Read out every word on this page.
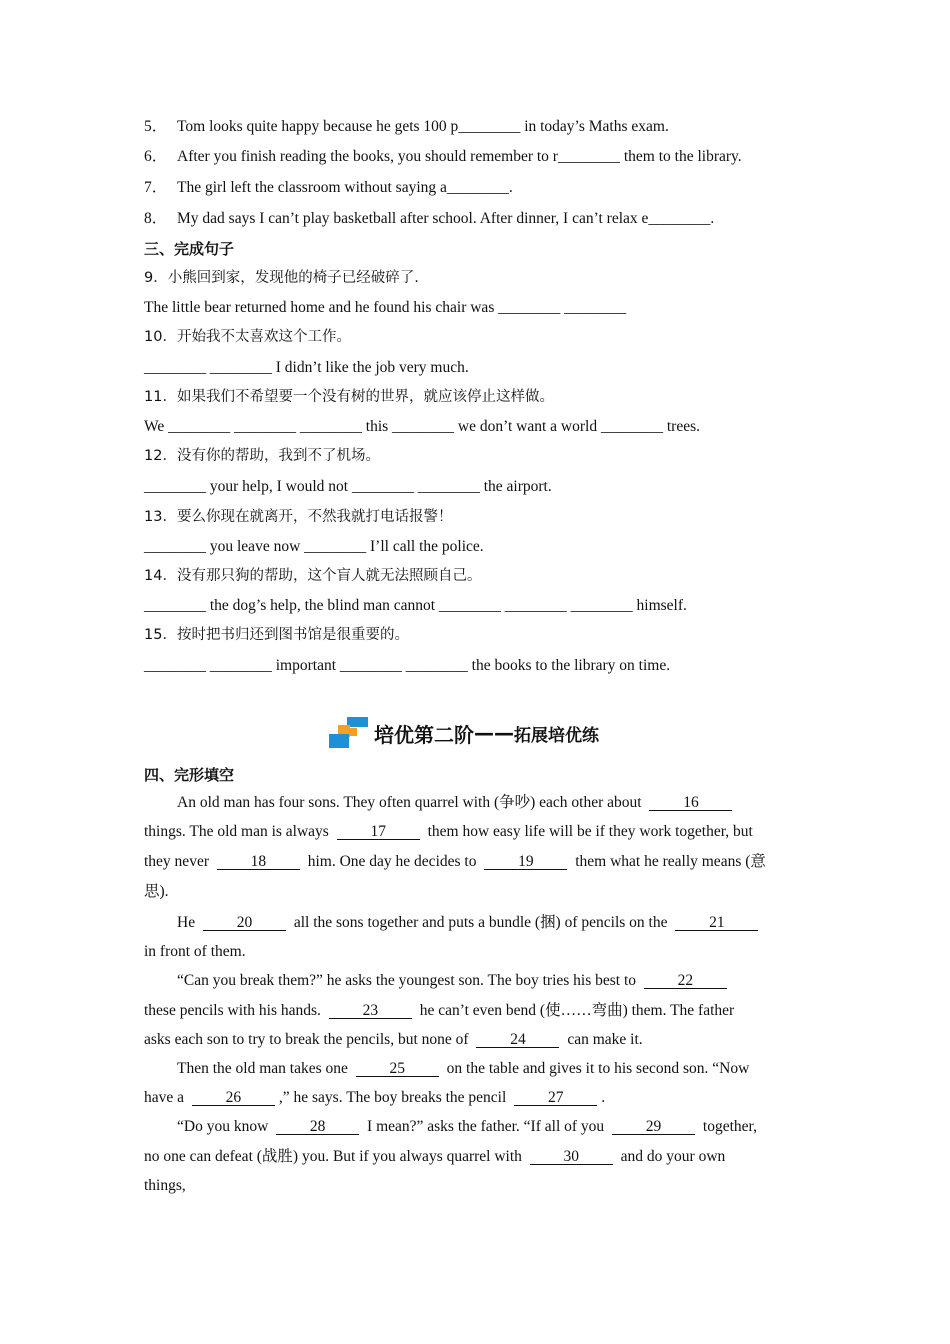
5． Tom looks quite happy because he gets 100 p________ in today’s Maths exam.
6． After you finish reading the books, you should remember to r________ them to the library.
7． The girl left the classroom without saying a________.
8． My dad says I can’t play basketball after school. After dinner, I can’t relax e________.
三、完成句子
9．小熊回到家，发现他的椅子已经破碎了.
The little bear returned home and he found his chair was ________ ________
10．开始我不太喜欢这个工作。
________ ________ I didn’t like the job very much.
11．如果我们不希望要一个没有树的世界，就应该停止这样做。
We ________ ________ ________ this ________ we don’t want a world ________ trees.
12．没有你的帮助，我到不了机场。
________ your help, I would not ________ ________ the airport.
13．要么你现在就离开，不然我就打电话报警！
________ you leave now ________ I’ll call the police.
14．没有那只狗的帮助，这个盲人就无法照顾自己。
________ the dog’s help, the blind man cannot ________ ________ ________ himself.
15．按时把书归还到图书馆是很重要的。
________ ________ important ________ ________ the books to the library on time.
培优第二阶 —— 拓展培优练
四、完形填空
An old man has four sons. They often quarrel with (争吵) each other about	16
things. The old man is always	17	them how easy life will be if they work together, but
they never	18	him. One day he decides to	19	them what he really means (意
思).
He	20	all the sons together and puts a bundle (捆) of pencils on the	21
in front of them.
“Can you break them?” he asks the youngest son. The boy tries his best to	22
these pencils with his hands.	23	he can’t even bend (使……弯曲) them. The father
asks each son to try to break the pencils, but none of	24	can make it.
Then the old man takes one	25	on the table and gives it to his second son. “Now
have a	26 ,” he says. The boy breaks the pencil	27 .
“Do you know	28	I mean?” asks the father. “If all of you	29	together,
no one can defeat (战胜) you. But if you always quarrel with	30	and do your own
things,
